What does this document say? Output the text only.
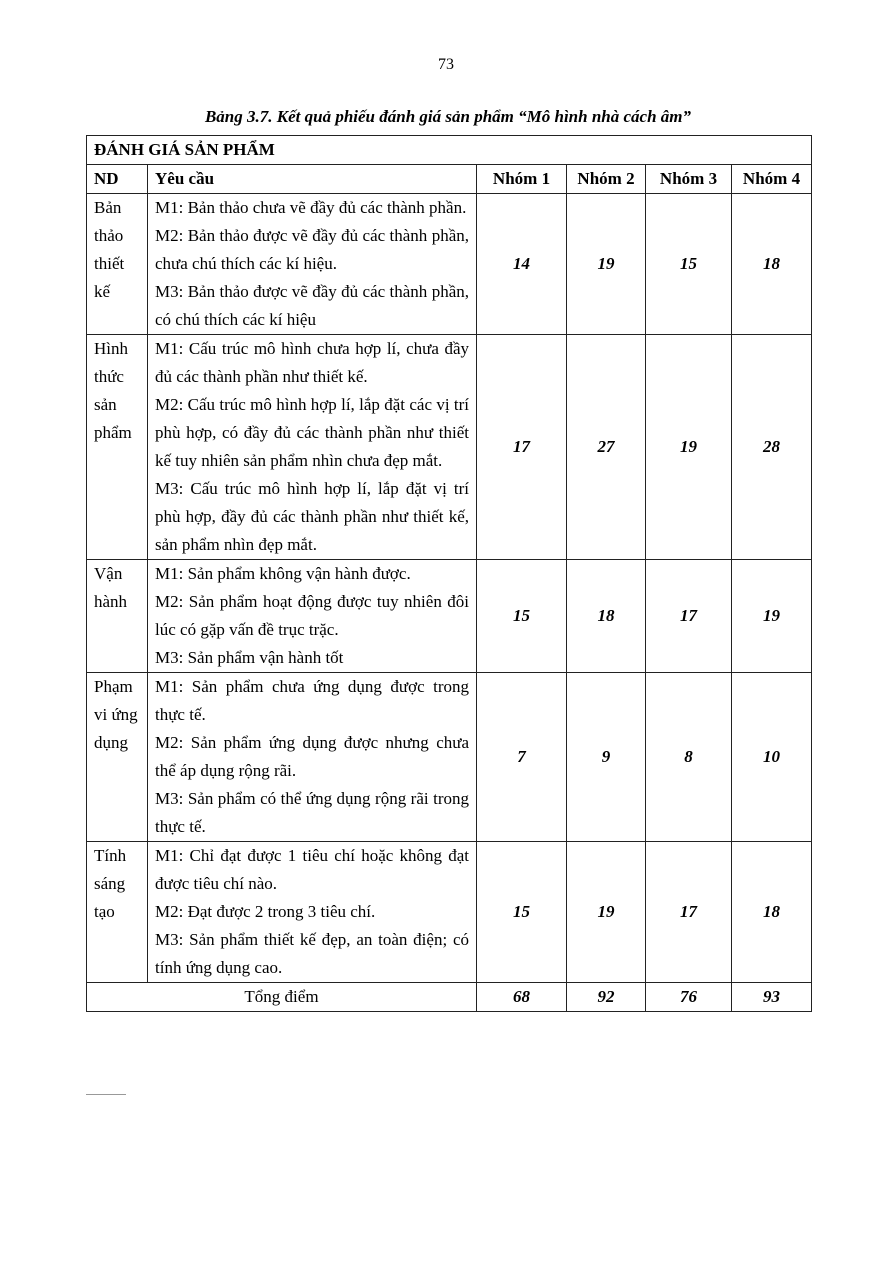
73
Bảng 3.7. Kết quả phiếu đánh giá sản phẩm “Mô hình nhà cách âm”
ĐÁNH GIÁ SẢN PHẨM					
ND	Yêu cầu	Nhóm 1	Nhóm 2	Nhóm 3	Nhóm 4
Bản thảo thiết kế	M1: Bản thảo chưa vẽ đầy đủ các thành phần.
M2: Bản thảo được vẽ đầy đủ các thành phần, chưa chú thích các kí hiệu.
M3: Bản thảo được vẽ đầy đủ các thành phần, có chú thích các kí hiệu	14	19	15	18
Hình thức sản phẩm	M1: Cấu trúc mô hình chưa hợp lí, chưa đầy đủ các thành phần như thiết kế.
M2: Cấu trúc mô hình hợp lí, lắp đặt các vị trí phù hợp, có đầy đủ các thành phần như thiết kế tuy nhiên sản phẩm nhìn chưa đẹp mắt.
M3: Cấu trúc mô hình hợp lí, lắp đặt vị trí phù hợp, đầy đủ các thành phần như thiết kế, sản phẩm nhìn đẹp mắt.	17	27	19	28
Vận hành	M1: Sản phẩm không vận hành được.
M2: Sản phẩm hoạt động được tuy nhiên đôi lúc có gặp vấn đề trục trặc.
M3: Sản phẩm vận hành tốt	15	18	17	19
Phạm vi ứng dụng	M1: Sản phẩm chưa ứng dụng được trong thực tế.
M2: Sản phẩm ứng dụng được nhưng chưa thể áp dụng rộng rãi.
M3: Sản phẩm có thể ứng dụng rộng rãi trong thực tế.	7	9	8	10
Tính sáng tạo	M1: Chỉ đạt được 1 tiêu chí hoặc không đạt được tiêu chí nào.
M2: Đạt được 2 trong 3 tiêu chí.
M3: Sản phẩm thiết kế đẹp, an toàn điện; có tính ứng dụng cao.	15	19	17	18
Tổng điểm		68	92	76	93
